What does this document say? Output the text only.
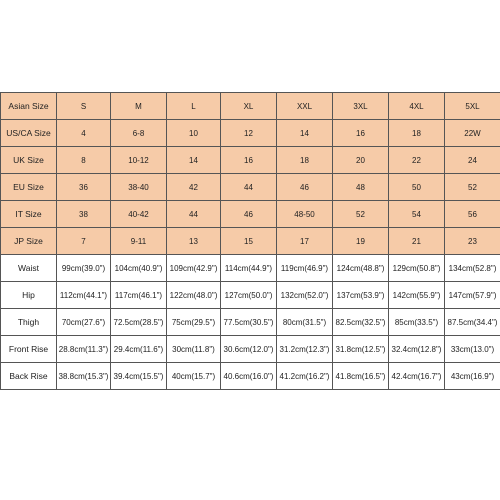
Asian Size	S	M	L	XL	XXL	3XL	4XL	5XL
US/CA Size	4	6-8	10	12	14	16	18	22W
UK Size	8	10-12	14	16	18	20	22	24
EU Size	36	38-40	42	44	46	48	50	52
IT Size	38	40-42	44	46	48-50	52	54	56
JP Size	7	9-11	13	15	17	19	21	23
Waist	99cm(39.0")	104cm(40.9")	109cm(42.9")	114cm(44.9")	119cm(46.9")	124cm(48.8")	129cm(50.8")	134cm(52.8")
Hip	112cm(44.1")	117cm(46.1")	122cm(48.0")	127cm(50.0")	132cm(52.0")	137cm(53.9")	142cm(55.9")	147cm(57.9")
Thigh	70cm(27.6")	72.5cm(28.5")	75cm(29.5")	77.5cm(30.5")	80cm(31.5")	82.5cm(32.5")	85cm(33.5")	87.5cm(34.4")
Front Rise	28.8cm(11.3")	29.4cm(11.6")	30cm(11.8")	30.6cm(12.0")	31.2cm(12.3")	31.8cm(12.5")	32.4cm(12.8")	33cm(13.0")
Back Rise	38.8cm(15.3")	39.4cm(15.5")	40cm(15.7")	40.6cm(16.0")	41.2cm(16.2")	41.8cm(16.5")	42.4cm(16.7")	43cm(16.9")
